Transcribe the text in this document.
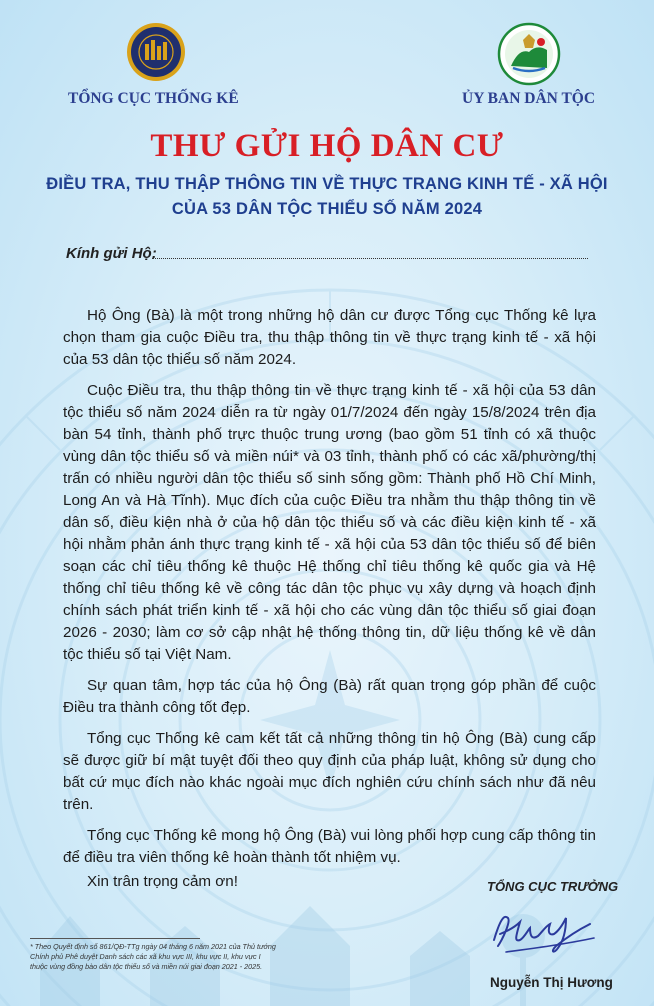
TỔNG CỤC THỐNG KÊ	ỦY BAN DÂN TỘC
THƯ GỬI HỘ DÂN CƯ
ĐIỀU TRA, THU THẬP THÔNG TIN VỀ THỰC TRẠNG KINH TẾ - XÃ HỘI
CỦA 53 DÂN TỘC THIỂU SỐ NĂM 2024
Kính gửi Hộ:

Hộ Ông (Bà) là một trong những hộ dân cư được Tổng cục Thống kê lựa chọn tham gia cuộc Điều tra, thu thập thông tin về thực trạng kinh tế - xã hội của 53 dân tộc thiểu số năm 2024.

Cuộc Điều tra, thu thập thông tin về thực trạng kinh tế - xã hội của 53 dân tộc thiểu số năm 2024 diễn ra từ ngày 01/7/2024 đến ngày 15/8/2024 trên địa bàn 54 tỉnh, thành phố trực thuộc trung ương (bao gồm 51 tỉnh có xã thuộc vùng dân tộc thiểu số và miền núi* và 03 tỉnh, thành phố có các xã/phường/thị trấn có nhiều người dân tộc thiểu số sinh sống gồm: Thành phố Hồ Chí Minh, Long An và Hà Tĩnh). Mục đích của cuộc Điều tra nhằm thu thập thông tin về dân số, điều kiện nhà ở của hộ dân tộc thiểu số và các điều kiện kinh tế - xã hội nhằm phản ánh thực trạng kinh tế - xã hội của 53 dân tộc thiểu số để biên soạn các chỉ tiêu thống kê thuộc Hệ thống chỉ tiêu thống kê quốc gia và Hệ thống chỉ tiêu thống kê về công tác dân tộc phục vụ xây dựng và hoạch định chính sách phát triển kinh tế - xã hội cho các vùng dân tộc thiểu số giai đoạn 2026 - 2030; làm cơ sở cập nhật hệ thống thông tin, dữ liệu thống kê về dân tộc thiểu số tại Việt Nam.

Sự quan tâm, hợp tác của hộ Ông (Bà) rất quan trọng góp phần để cuộc Điều tra thành công tốt đẹp.

Tổng cục Thống kê cam kết tất cả những thông tin hộ Ông (Bà) cung cấp sẽ được giữ bí mật tuyệt đối theo quy định của pháp luật, không sử dụng cho bất cứ mục đích nào khác ngoài mục đích nghiên cứu chính sách như đã nêu trên.

Tổng cục Thống kê mong hộ Ông (Bà) vui lòng phối hợp cung cấp thông tin để điều tra viên thống kê hoàn thành tốt nhiệm vụ.

Xin trân trọng cảm ơn!	TỔNG CỤC TRƯỞNG
Nguyễn Thị Hương
* Theo Quyết định số 861/QĐ-TTg ngày 04 tháng 6 năm 2021 của Thủ tướng Chính phủ Phê duyệt Danh sách các xã khu vực III, khu vực II, khu vực I thuộc vùng đồng bào dân tộc thiểu số và miền núi giai đoạn 2021 - 2025.
